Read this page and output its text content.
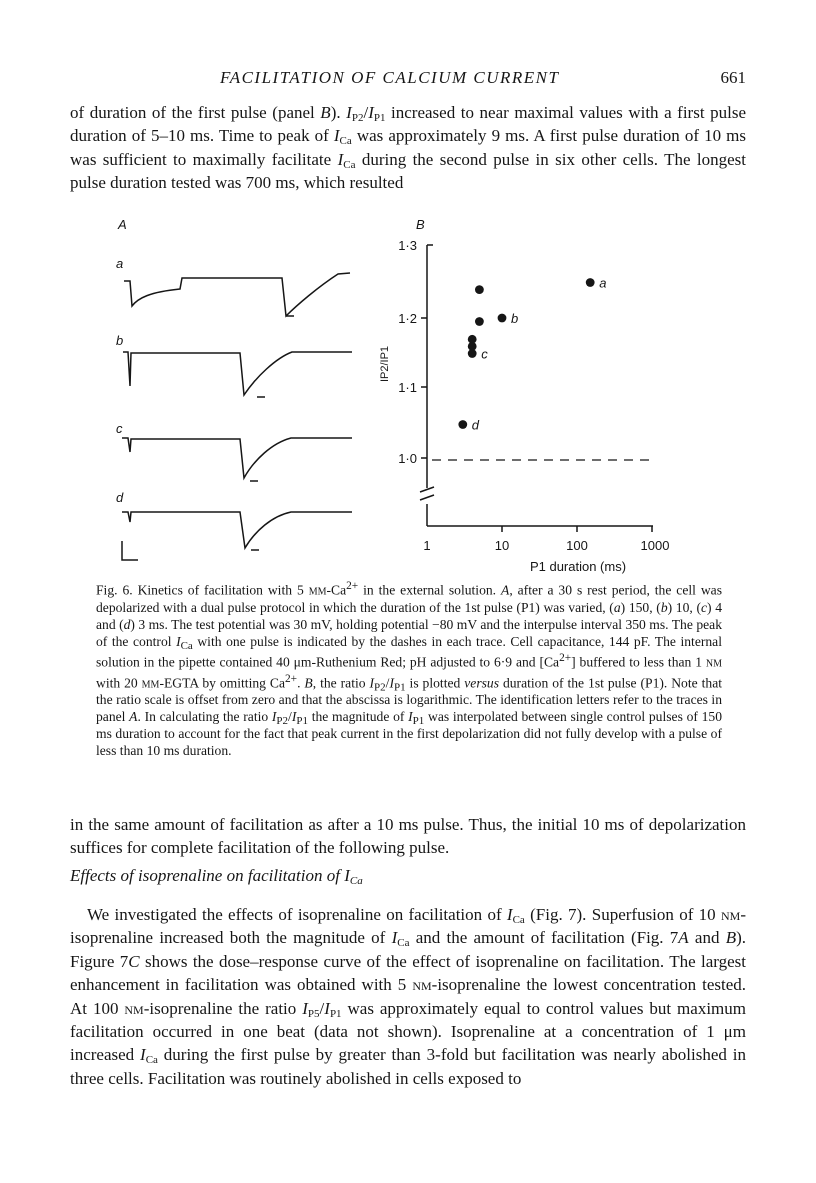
FACILITATION OF CALCIUM CURRENT	661

of duration of the first pulse (panel B). $I_{P2}/I_{P1}$ increased to near maximal values with a first pulse duration of 5–10 ms. Time to peak of $I_{Ca}$ was approximately 9 ms. A first pulse duration of 10 ms was sufficient to maximally facilitate $I_{Ca}$ during the second pulse in six other cells. The longest pulse duration tested was 700 ms, which resulted

A	B
a
b
c
d
1·3
1·2
1·1
1·0
1	10	100	1000
P1 duration (ms)
IP2/IP1
a
b
c
d

Fig. 6. Kinetics of facilitation with 5 $mm-Ca^{2+}$ in the external solution. A, after a 30 s rest period, the cell was depolarized with a dual pulse protocol in which the duration of the 1st pulse (P1) was varied, (a) 150, (b) 10, (c) 4 and (d) 3 ms. The test potential was 30 mV, holding potential −80 mV and the interpulse interval 350 ms. The peak of the control $I_{Ca}$ with one pulse is indicated by the dashes in each trace. Cell capacitance, 144 pF. The internal solution in the pipette contained 40 μm-Ruthenium Red; pH adjusted to 6·9 and $[Ca^{2+}]$ buffered to less than 1 nm with 20 mm-EGTA by omitting $Ca^{2+}$. B, the ratio $I_{P2}/I_{P1}$ is plotted versus duration of the 1st pulse (P1). Note that the ratio scale is offset from zero and that the abscissa is logarithmic. The identification letters refer to the traces in panel A. In calculating the ratio $I_{P2}/I_{P1}$ the magnitude of $I_{P1}$ was interpolated between single control pulses of 150 ms duration to account for the fact that peak current in the first depolarization did not fully develop with a pulse of less than 10 ms duration.

in the same amount of facilitation as after a 10 ms pulse. Thus, the initial 10 ms of depolarization suffices for complete facilitation of the following pulse.

Effects of isoprenaline on facilitation of $I_{Ca}$

We investigated the effects of isoprenaline on facilitation of $I_{Ca}$ (Fig. 7). Superfusion of 10 nm-isoprenaline increased both the magnitude of $I_{Ca}$ and the amount of facilitation (Fig. 7A and B). Figure 7C shows the dose–response curve of the effect of isoprenaline on facilitation. The largest enhancement in facilitation was obtained with 5 nm-isoprenaline the lowest concentration tested. At 100 nm-isoprenaline the ratio $I_{P5}/I_{P1}$ was approximately equal to control values but maximum facilitation occurred in one beat (data not shown). Isoprenaline at a concentration of 1 μm increased $I_{Ca}$ during the first pulse by greater than 3-fold but facilitation was nearly abolished in three cells. Facilitation was routinely abolished in cells exposed to
